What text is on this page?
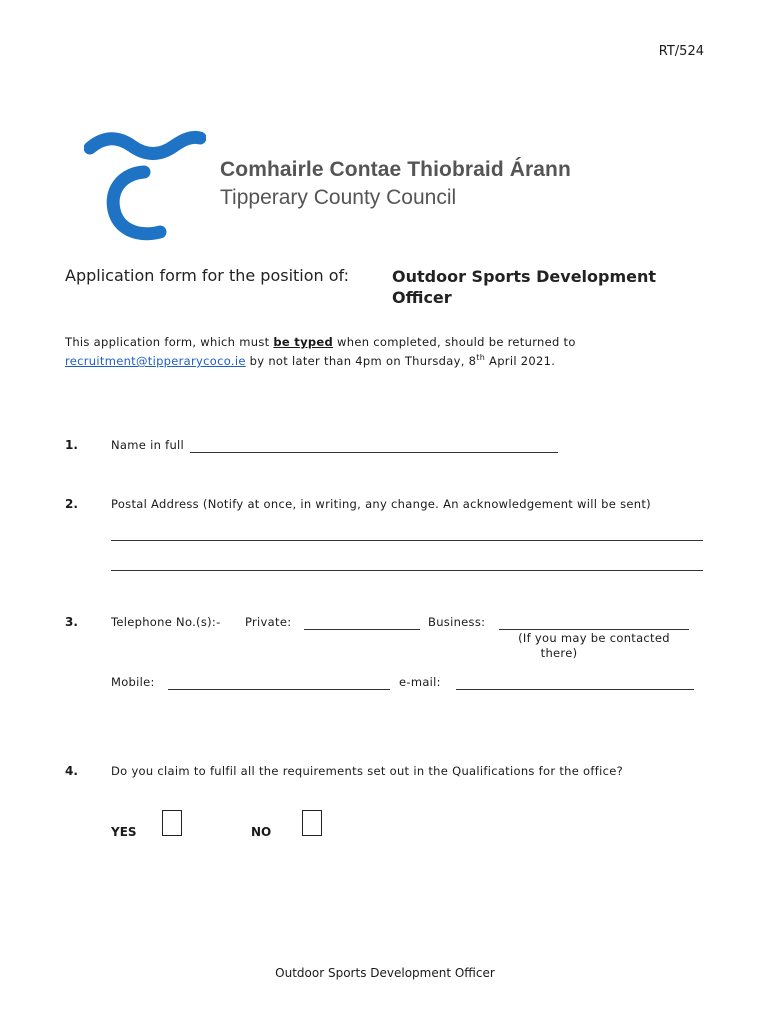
RT/524
Comhairle Contae Thiobraid Árann
Tipperary County Council
Application form for the position of:	Outdoor Sports Development Officer
This application form, which must be typed when completed, should be returned to
recruitment@tipperarycoco.ie by not later than 4pm on Thursday, 8th April 2021.
1.	Name in full
2.	Postal Address (Notify at once, in writing, any change. An acknowledgement will be sent)
3.	Telephone No.(s):- Private:	Business:
(If you may be contacted
there)
Mobile:	e-mail:
4.	Do you claim to fulfil all the requirements set out in the Qualifications for the office?
YES	NO
Outdoor Sports Development Officer
